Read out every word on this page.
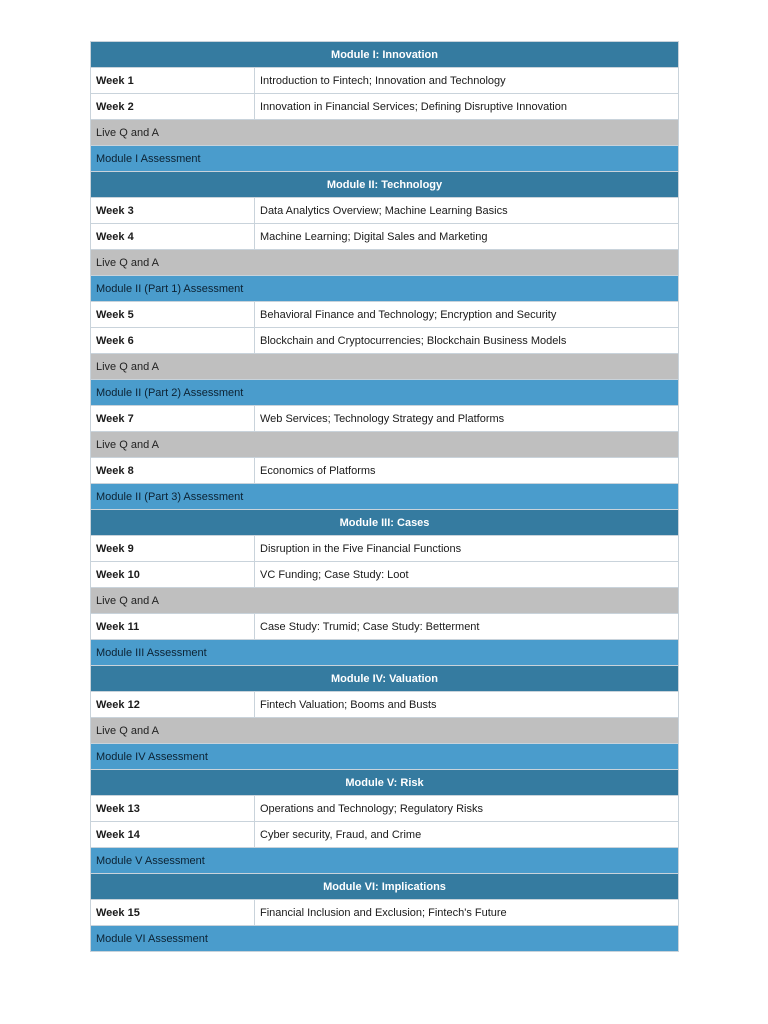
Module I: Innovation	
Week 1	Introduction to Fintech; Innovation and Technology
Week 2	Innovation in Financial Services; Defining Disruptive Innovation
Live Q and A	
Module I Assessment	
Module II: Technology	
Week 3	Data Analytics Overview; Machine Learning Basics
Week 4	Machine Learning; Digital Sales and Marketing
Live Q and A	
Module II (Part 1) Assessment	
Week 5	Behavioral Finance and Technology; Encryption and Security
Week 6	Blockchain and Cryptocurrencies; Blockchain Business Models
Live Q and A	
Module II (Part 2) Assessment	
Week 7	Web Services; Technology Strategy and Platforms
Live Q and A	
Week 8	Economics of Platforms
Module II (Part 3) Assessment	
Module III: Cases	
Week 9	Disruption in the Five Financial Functions
Week 10	VC Funding; Case Study: Loot
Live Q and A	
Week 11	Case Study: Trumid; Case Study: Betterment
Module III Assessment	
Module IV: Valuation	
Week 12	Fintech Valuation; Booms and Busts
Live Q and A	
Module IV Assessment	
Module V: Risk	
Week 13	Operations and Technology; Regulatory Risks
Week 14	Cyber security, Fraud, and Crime
Module V Assessment	
Module VI: Implications	
Week 15	Financial Inclusion and Exclusion; Fintech's Future
Module VI Assessment	
